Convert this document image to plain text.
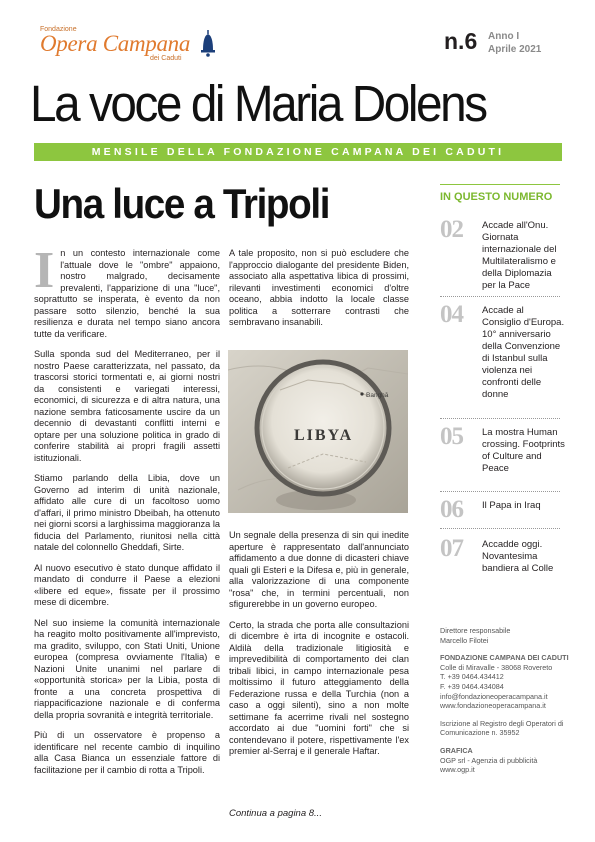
Fondazione
Opera Campana
dei Caduti
n.6 Anno I
Aprile 2021
La voce di Maria Dolens
MENSILE DELLA FONDAZIONE CAMPANA DEI CADUTI
Una luce a Tripoli

In un contesto internazionale come l'attuale dove le "ombre" appaiono, nostro malgrado, decisamente prevalenti, l'apparizione di una "luce", soprattutto se insperata, è evento da non passare sotto silenzio, benché la sua resilienza e durata nel tempo siano ancora tutte da verificare.

Sulla sponda sud del Mediterraneo, per il nostro Paese caratterizzata, nel passato, da trascorsi storici tormentati e, ai giorni nostri da consistenti e variegati interessi, economici, di sicurezza e di altra natura, una nazione sembra faticosamente uscire da un decennio di devastanti conflitti interni e optare per una soluzione politica in grado di conferire stabilità ai propri fragili assetti istituzionali.

Stiamo parlando della Libia, dove un Governo ad interim di unità nazionale, affidato alle cure di un facoltoso uomo d'affari, il primo ministro Dbeibah, ha ottenuto nei giorni scorsi a larghissima maggioranza la fiducia del Parlamento, riunitosi nella città natale del colonnello Gheddafi, Sirte.

Al nuovo esecutivo è stato dunque affidato il mandato di condurre il Paese a elezioni «libere ed eque», fissate per il prossimo mese di dicembre.

Nel suo insieme la comunità internazionale ha reagito molto positivamente all'imprevisto, ma gradito, sviluppo, con Stati Uniti, Unione europea (compresa ovviamente l'Italia) e Nazioni Unite unanimi nel parlare di «opportunità storica» per la Libia, posta di fronte a una concreta prospettiva di riappacificazione nazionale e di conferma della propria sovranità e integrità territoriale.

Più di un osservatore è propenso a identificare nel recente cambio di inquilino alla Casa Bianca un essenziale fattore di facilitazione per il cambio di rotta a Tripoli.

A tale proposito, non si può escludere che l'approccio dialogante del presidente Biden, associato alla aspettativa libica di prossimi, rilevanti investimenti economici d'oltre oceano, abbia indotto la locale classe politica a sotterrare contrasti che sembravano insanabili.

LIBYA
Banghā

Un segnale della presenza di sin qui inedite aperture è rappresentato dall'annunciato affidamento a due donne di dicasteri chiave quali gli Esteri e la Difesa e, più in generale, alla valorizzazione di una componente "rosa" che, in termini percentuali, non sfigurerebbe in un governo europeo.

Certo, la strada che porta alle consultazioni di dicembre è irta di incognite e ostacoli. Aldilà della tradizionale litigiosità e imprevedibilità di comportamento dei clan tribali libici, in campo internazionale pesa moltissimo il futuro atteggiamento della Federazione russa e della Turchia (non a caso a oggi silenti), sino a non molte settimane fa acerrime rivali nel sostegno accordato ai due "uomini forti" che si contendevano il potere, rispettivamente l'ex premier al-Serraj e il generale Haftar.

Continua a pagina 8...
IN QUESTO NUMERO
02 Accade all'Onu. Giornata internazionale del Multilateralismo e della Diplomazia per la Pace
04 Accade al Consiglio d'Europa. 10° anniversario della Convenzione di Istanbul sulla violenza nei confronti delle donne
05 La mostra Human crossing. Footprints of Culture and Peace
06 Il Papa in Iraq
07 Accadde oggi. Novantesima bandiera al Colle
Direttore responsabile
Marcello Filotei
FONDAZIONE CAMPANA DEI CADUTI
Colle di Miravalle - 38068 Rovereto
T. +39 0464.434412
F. +39 0464.434084
info@fondazioneoperacampana.it
www.fondazioneoperacampana.it
Iscrizione al Registro degli Operatori di Comunicazione n. 35952
GRAFICA
OGP srl - Agenzia di pubblicità
www.ogp.it
